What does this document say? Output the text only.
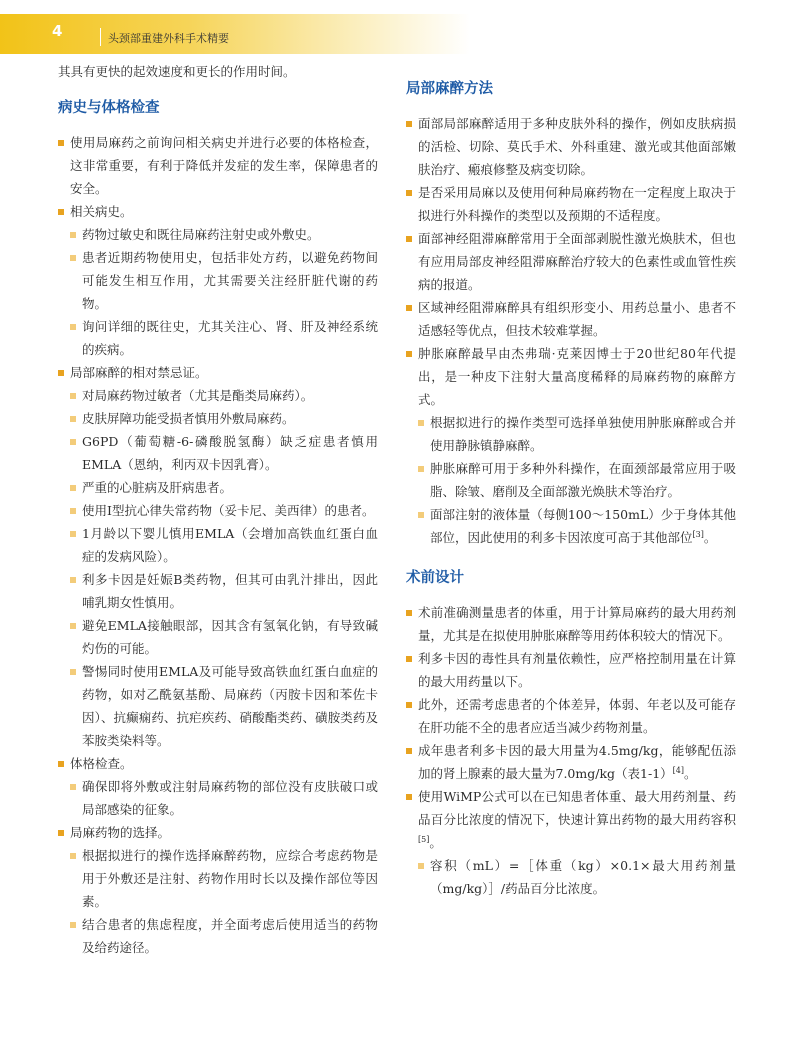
4	头颈部重建外科手术精要

其具有更快的起效速度和更长的作用时间。

病史与体格检查

使用局麻药之前询问相关病史并进行必要的体格检查，这非常重要，有利于降低并发症的发生率，保障患者的安全。

相关病史。

药物过敏史和既往局麻药注射史或外敷史。

患者近期药物使用史，包括非处方药，以避免药物间可能发生相互作用，尤其需要关注经肝脏代谢的药物。

询问详细的既往史，尤其关注心、肾、肝及神经系统的疾病。

局部麻醉的相对禁忌证。

对局麻药物过敏者（尤其是酯类局麻药）。

皮肤屏障功能受损者慎用外敷局麻药。

G6PD（葡萄糖-6-磷酸脱氢酶）缺乏症患者慎用EMLA（恩纳，利丙双卡因乳膏）。

严重的心脏病及肝病患者。

使用Ⅰ型抗心律失常药物（妥卡尼、美西律）的患者。

1月龄以下婴儿慎用EMLA（会增加高铁血红蛋白血症的发病风险）。

利多卡因是妊娠B类药物，但其可由乳汁排出，因此哺乳期女性慎用。

避免EMLA接触眼部，因其含有氢氧化钠，有导致碱灼伤的可能。

警惕同时使用EMLA及可能导致高铁血红蛋白血症的药物，如对乙酰氨基酚、局麻药（丙胺卡因和苯佐卡因）、抗癫痫药、抗疟疾药、硝酸酯类药、磺胺类药及苯胺类染料等。

体格检查。

确保即将外敷或注射局麻药物的部位没有皮肤破口或局部感染的征象。

局麻药物的选择。

根据拟进行的操作选择麻醉药物，应综合考虑药物是用于外敷还是注射、药物作用时长以及操作部位等因素。

结合患者的焦虑程度，并全面考虑后使用适当的药物及给药途径。

局部麻醉方法

面部局部麻醉适用于多种皮肤外科的操作，例如皮肤病损的活检、切除、莫氏手术、外科重建、激光或其他面部嫩肤治疗、瘢痕修整及病变切除。

是否采用局麻以及使用何种局麻药物在一定程度上取决于拟进行外科操作的类型以及预期的不适程度。

面部神经阻滞麻醉常用于全面部剥脱性激光焕肤术，但也有应用局部皮神经阻滞麻醉治疗较大的色素性或血管性疾病的报道。

区域神经阻滞麻醉具有组织形变小、用药总量小、患者不适感轻等优点，但技术较难掌握。

肿胀麻醉最早由杰弗瑞·克莱因博士于20世纪80年代提出，是一种皮下注射大量高度稀释的局麻药物的麻醉方式。

根据拟进行的操作类型可选择单独使用肿胀麻醉或合并使用静脉镇静麻醉。

肿胀麻醉可用于多种外科操作，在面颈部最常应用于吸脂、除皱、磨削及全面部激光焕肤术等治疗。

面部注射的液体量（每侧100～150mL）少于身体其他部位，因此使用的利多卡因浓度可高于其他部位[3]。

术前设计

术前准确测量患者的体重，用于计算局麻药的最大用药剂量，尤其是在拟使用肿胀麻醉等用药体积较大的情况下。

利多卡因的毒性具有剂量依赖性，应严格控制用量在计算的最大用药量以下。

此外，还需考虑患者的个体差异，体弱、年老以及可能存在肝功能不全的患者应适当减少药物剂量。

成年患者利多卡因的最大用量为4.5mg/kg，能够配伍添加的肾上腺素的最大量为7.0mg/kg（表1-1）[4]。

使用WiMP公式可以在已知患者体重、最大用药剂量、药品百分比浓度的情况下，快速计算出药物的最大用药容积[5]。

容积（mL）=［体重（kg）×0.1×最大用药剂量（mg/kg）］/药品百分比浓度。
